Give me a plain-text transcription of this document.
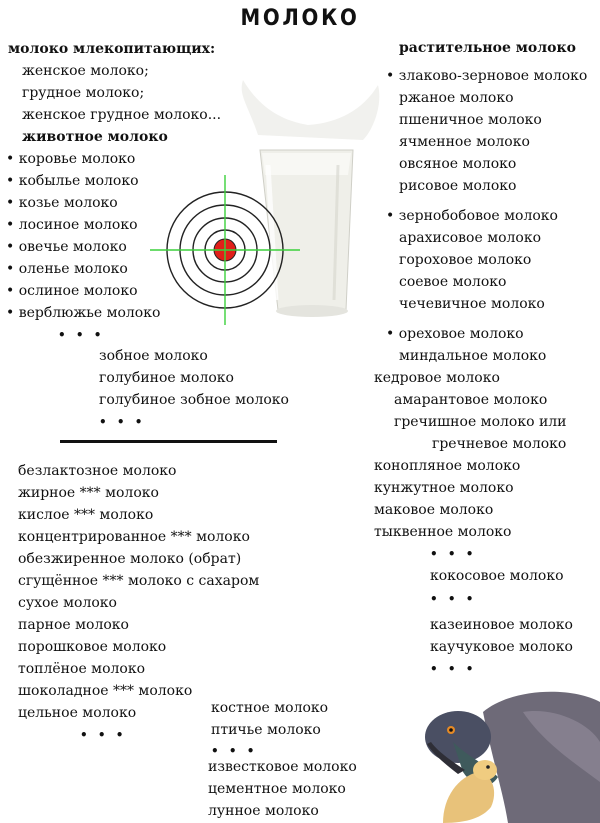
МОЛОКО
молоко млекопитающих:
женское молоко;
грудное молоко;
женское грудное молоко...
животное молоко
• коровье молоко
• кобылье молоко
• козье молоко
• лосиное молоко
• овечье молоко
• оленье молоко
• ослиное молоко
• верблюжье молоко
• • •
зобное молоко
голубиное молоко
голубиное зобное молоко
• • •
безлактозное молоко
жирное *** молоко
кислое *** молоко
концентрированное *** молоко
обезжиренное молоко (обрат)
сгущённое *** молоко с сахаром
сухое молоко
парное молоко
порошковое молоко
топлёное молоко
шоколадное *** молоко
цельное молоко
• • •
костное молоко
птичье молоко
• • •
известковое молоко
цементное молоко
лунное молоко
растительное молоко
• злаково-зерновое молоко
ржаное молоко
пшеничное молоко
ячменное молоко
овсяное молоко
рисовое молоко
• зернобобовое молоко
арахисовое молоко
гороховое молоко
соевое молоко
чечевичное молоко
• ореховое молоко
миндальное молоко
кедровое молоко
амарантовое молоко
гречишное молоко или
гречневое молоко
конопляное молоко
кунжутное молоко
маковое молоко
тыквенное молоко
• • •
кокосовое молоко
• • •
казеиновое молоко
каучуковое молоко
• • •
